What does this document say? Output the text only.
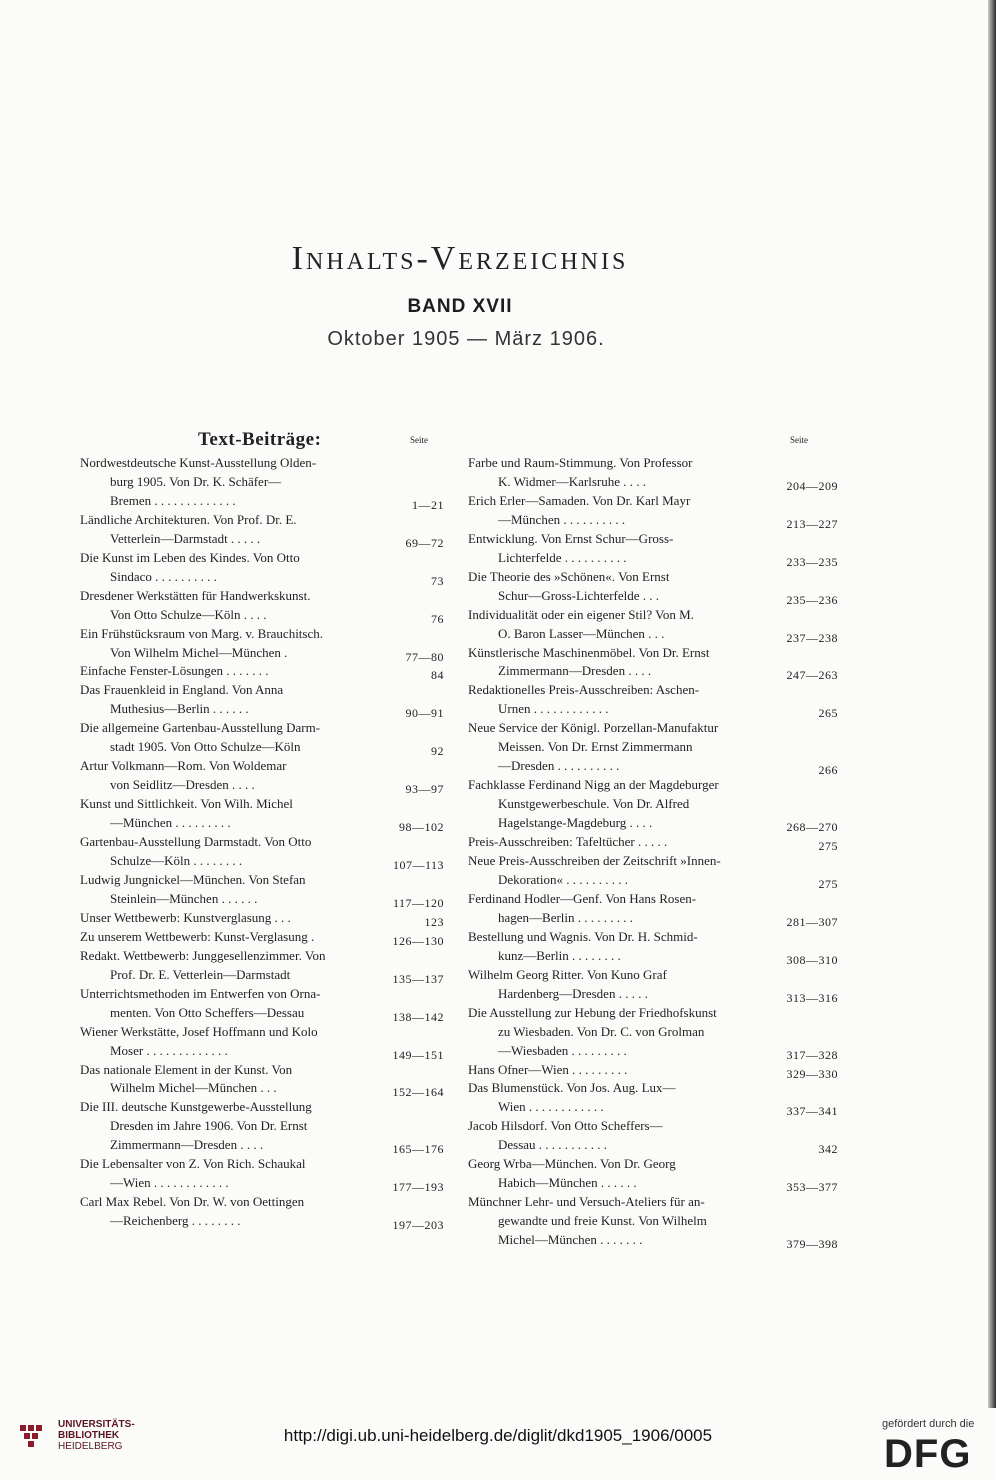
Inhalts-Verzeichnis
BAND XVII
Oktober 1905 — März 1906.
Text-Beiträge:	Seite
Nordwestdeutsche Kunst-Ausstellung Olden-
burg 1905. Von Dr. K. Schäfer—
Bremen . . . . . . . . . . . . .	1—21
Ländliche Architekturen. Von Prof. Dr. E.
Vetterlein—Darmstadt . . . . .	69—72
Die Kunst im Leben des Kindes. Von Otto
Sindaco . . . . . . . . . .	73
Dresdener Werkstätten für Handwerkskunst.
Von Otto Schulze—Köln . . . .	76
Ein Frühstücksraum von Marg. v. Brauchitsch.
Von Wilhelm Michel—München .	77—80
Einfache Fenster-Lösungen . . . . . . .	84
Das Frauenkleid in England. Von Anna
Muthesius—Berlin . . . . . .	90—91
Die allgemeine Gartenbau-Ausstellung Darm-
stadt 1905. Von Otto Schulze—Köln	92
Artur Volkmann—Rom. Von Woldemar
von Seidlitz—Dresden . . . .	93—97
Kunst und Sittlichkeit. Von Wilh. Michel
—München . . . . . . . . .	98—102
Gartenbau-Ausstellung Darmstadt. Von Otto
Schulze—Köln . . . . . . . .	107—113
Ludwig Jungnickel—München. Von Stefan
Steinlein—München . . . . . .	117—120
Unser Wettbewerb: Kunstverglasung . . .	123
Zu unserem Wettbewerb: Kunst-Verglasung .	126—130
Redakt. Wettbewerb: Junggesellenzimmer. Von
Prof. Dr. E. Vetterlein—Darmstadt	135—137
Unterrichtsmethoden im Entwerfen von Orna-
menten. Von Otto Scheffers—Dessau	138—142
Wiener Werkstätte, Josef Hoffmann und Kolo
Moser . . . . . . . . . . . . .	149—151
Das nationale Element in der Kunst. Von
Wilhelm Michel—München . . .	152—164
Die III. deutsche Kunstgewerbe-Ausstellung
Dresden im Jahre 1906. Von Dr. Ernst
Zimmermann—Dresden . . . .	165—176
Die Lebensalter von Z. Von Rich. Schaukal
—Wien . . . . . . . . . . . .	177—193
Carl Max Rebel. Von Dr. W. von Oettingen
—Reichenberg . . . . . . . .	197—203
Seite
Farbe und Raum-Stimmung. Von Professor
K. Widmer—Karlsruhe . . . .	204—209
Erich Erler—Samaden. Von Dr. Karl Mayr
—München . . . . . . . . . .	213—227
Entwicklung. Von Ernst Schur—Gross-
Lichterfelde . . . . . . . . . .	233—235
Die Theorie des »Schönen«. Von Ernst
Schur—Gross-Lichterfelde . . .	235—236
Individualität oder ein eigener Stil? Von M.
O. Baron Lasser—München . . .	237—238
Künstlerische Maschinenmöbel. Von Dr. Ernst
Zimmermann—Dresden . . . .	247—263
Redaktionelles Preis-Ausschreiben: Aschen-
Urnen . . . . . . . . . . . .	265
Neue Service der Königl. Porzellan-Manufaktur
Meissen. Von Dr. Ernst Zimmermann
—Dresden . . . . . . . . . .	266
Fachklasse Ferdinand Nigg an der Magdeburger
Kunstgewerbeschule. Von Dr. Alfred
Hagelstange-Magdeburg . . . .	268—270
Preis-Ausschreiben: Tafeltücher . . . . .	275
Neue Preis-Ausschreiben der Zeitschrift »Innen-
Dekoration« . . . . . . . . . .	275
Ferdinand Hodler—Genf. Von Hans Rosen-
hagen—Berlin . . . . . . . . .	281—307
Bestellung und Wagnis. Von Dr. H. Schmid-
kunz—Berlin . . . . . . . .	308—310
Wilhelm Georg Ritter. Von Kuno Graf
Hardenberg—Dresden . . . . .	313—316
Die Ausstellung zur Hebung der Friedhofskunst
zu Wiesbaden. Von Dr. C. von Grolman
—Wiesbaden . . . . . . . . .	317—328
Hans Ofner—Wien . . . . . . . . .	329—330
Das Blumenstück. Von Jos. Aug. Lux—
Wien . . . . . . . . . . . .	337—341
Jacob Hilsdorf. Von Otto Scheffers—
Dessau . . . . . . . . . . .	342
Georg Wrba—München. Von Dr. Georg
Habich—München . . . . . .	353—377
Münchner Lehr- und Versuch-Ateliers für an-
gewandte und freie Kunst. Von Wilhelm
Michel—München . . . . . . .	379—398
UNIVERSITÄTS-
BIBLIOTHEK
HEIDELBERG
http://digi.ub.uni-heidelberg.de/diglit/dkd1905_1906/0005
gefördert durch die
DFG
